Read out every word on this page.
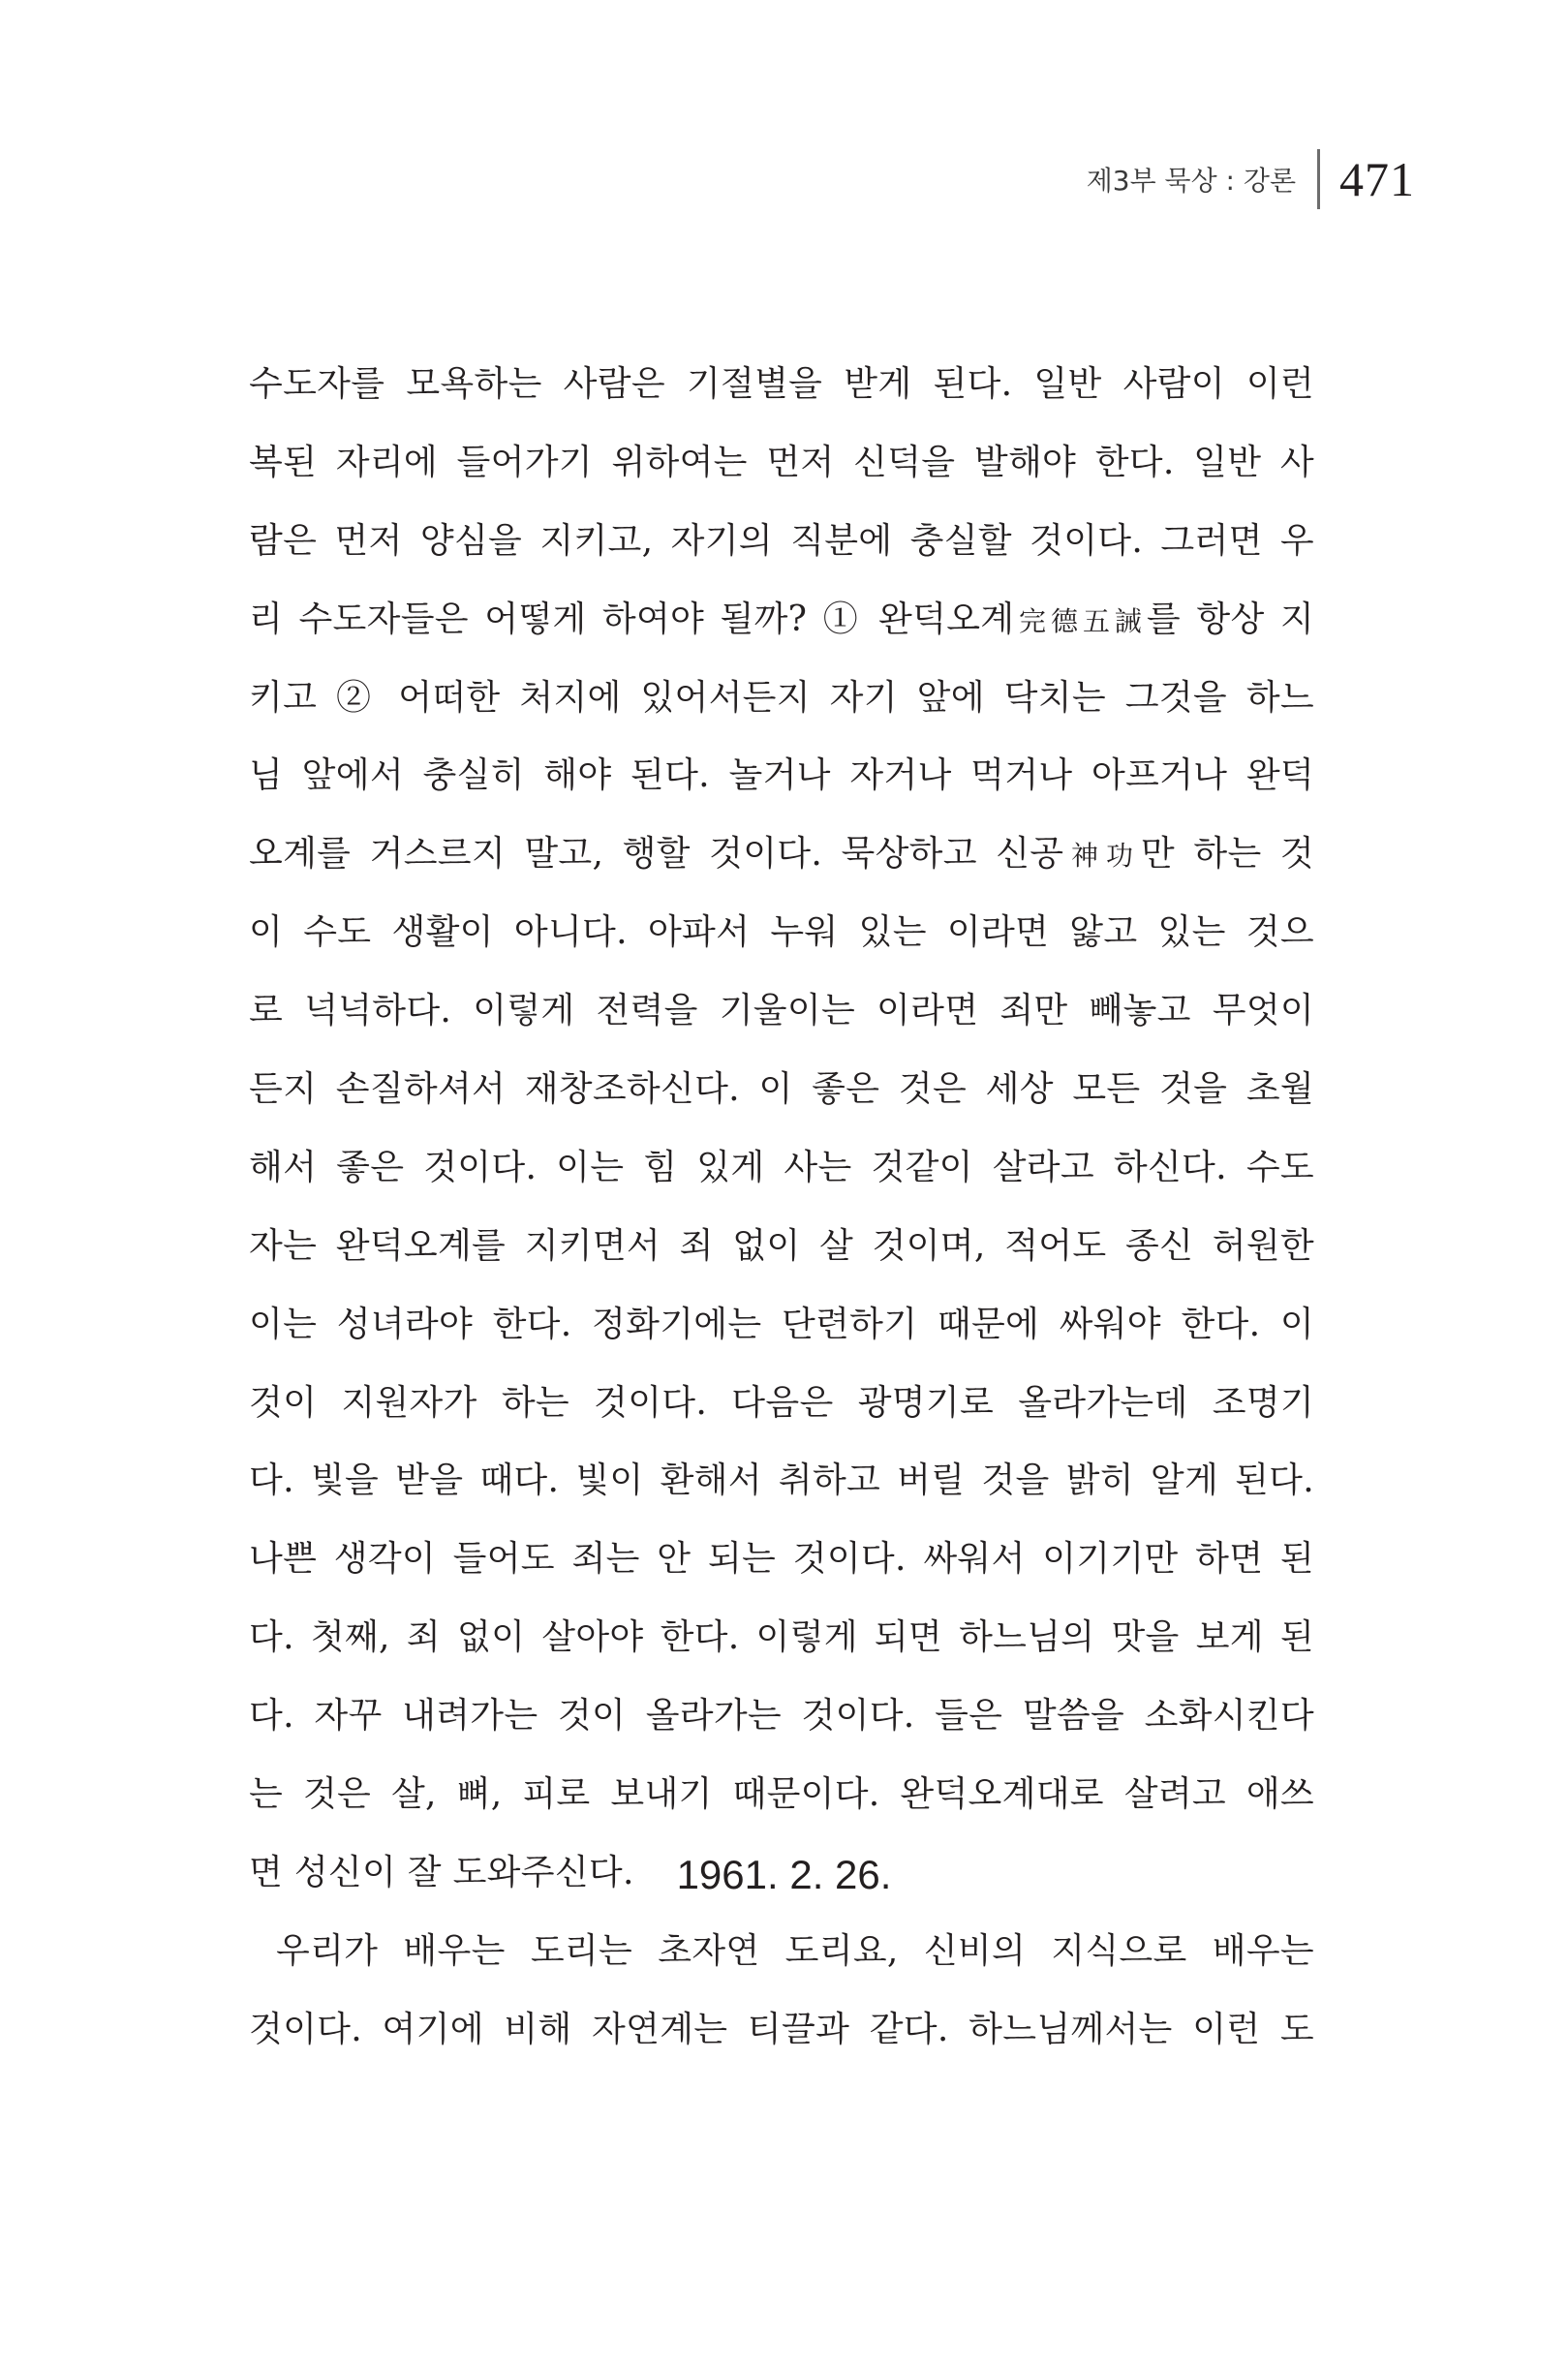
제3부 묵상 : 강론 471
수도자를 모욕하는 사람은 기절별을 받게 된다. 일반 사람이 이런
복된 자리에 들어가기 위하여는 먼저 신덕을 발해야 한다. 일반 사
람은 먼저 양심을 지키고, 자기의 직분에 충실할 것이다. 그러면 우
리 수도자들은 어떻게 하여야 될까? ① 완덕오계完德五誡를 항상 지
키고 ② 어떠한 처지에 있어서든지 자기 앞에 닥치는 그것을 하느
님 앞에서 충실히 해야 된다. 놀거나 자거나 먹거나 아프거나 완덕
오계를 거스르지 말고, 행할 것이다. 묵상하고 신공神功만 하는 것
이 수도 생활이 아니다. 아파서 누워 있는 이라면 앓고 있는 것으
로 넉넉하다. 이렇게 전력을 기울이는 이라면 죄만 빼놓고 무엇이
든지 손질하셔서 재창조하신다. 이 좋은 것은 세상 모든 것을 초월
해서 좋은 것이다. 이는 힘 있게 사는 것같이 살라고 하신다. 수도
자는 완덕오계를 지키면서 죄 없이 살 것이며, 적어도 종신 허원한
이는 성녀라야 한다. 정화기에는 단련하기 때문에 싸워야 한다. 이
것이 지원자가 하는 것이다. 다음은 광명기로 올라가는데 조명기
다. 빛을 받을 때다. 빛이 환해서 취하고 버릴 것을 밝히 알게 된다.
나쁜 생각이 들어도 죄는 안 되는 것이다. 싸워서 이기기만 하면 된
다. 첫째, 죄 없이 살아야 한다. 이렇게 되면 하느님의 맛을 보게 된
다. 자꾸 내려가는 것이 올라가는 것이다. 들은 말씀을 소화시킨다
는 것은 살, 뼈, 피로 보내기 때문이다. 완덕오계대로 살려고 애쓰
면 성신이 잘 도와주신다.	1961. 2. 26.
우리가 배우는 도리는 초자연 도리요, 신비의 지식으로 배우는
것이다. 여기에 비해 자연계는 티끌과 같다. 하느님께서는 이런 도
